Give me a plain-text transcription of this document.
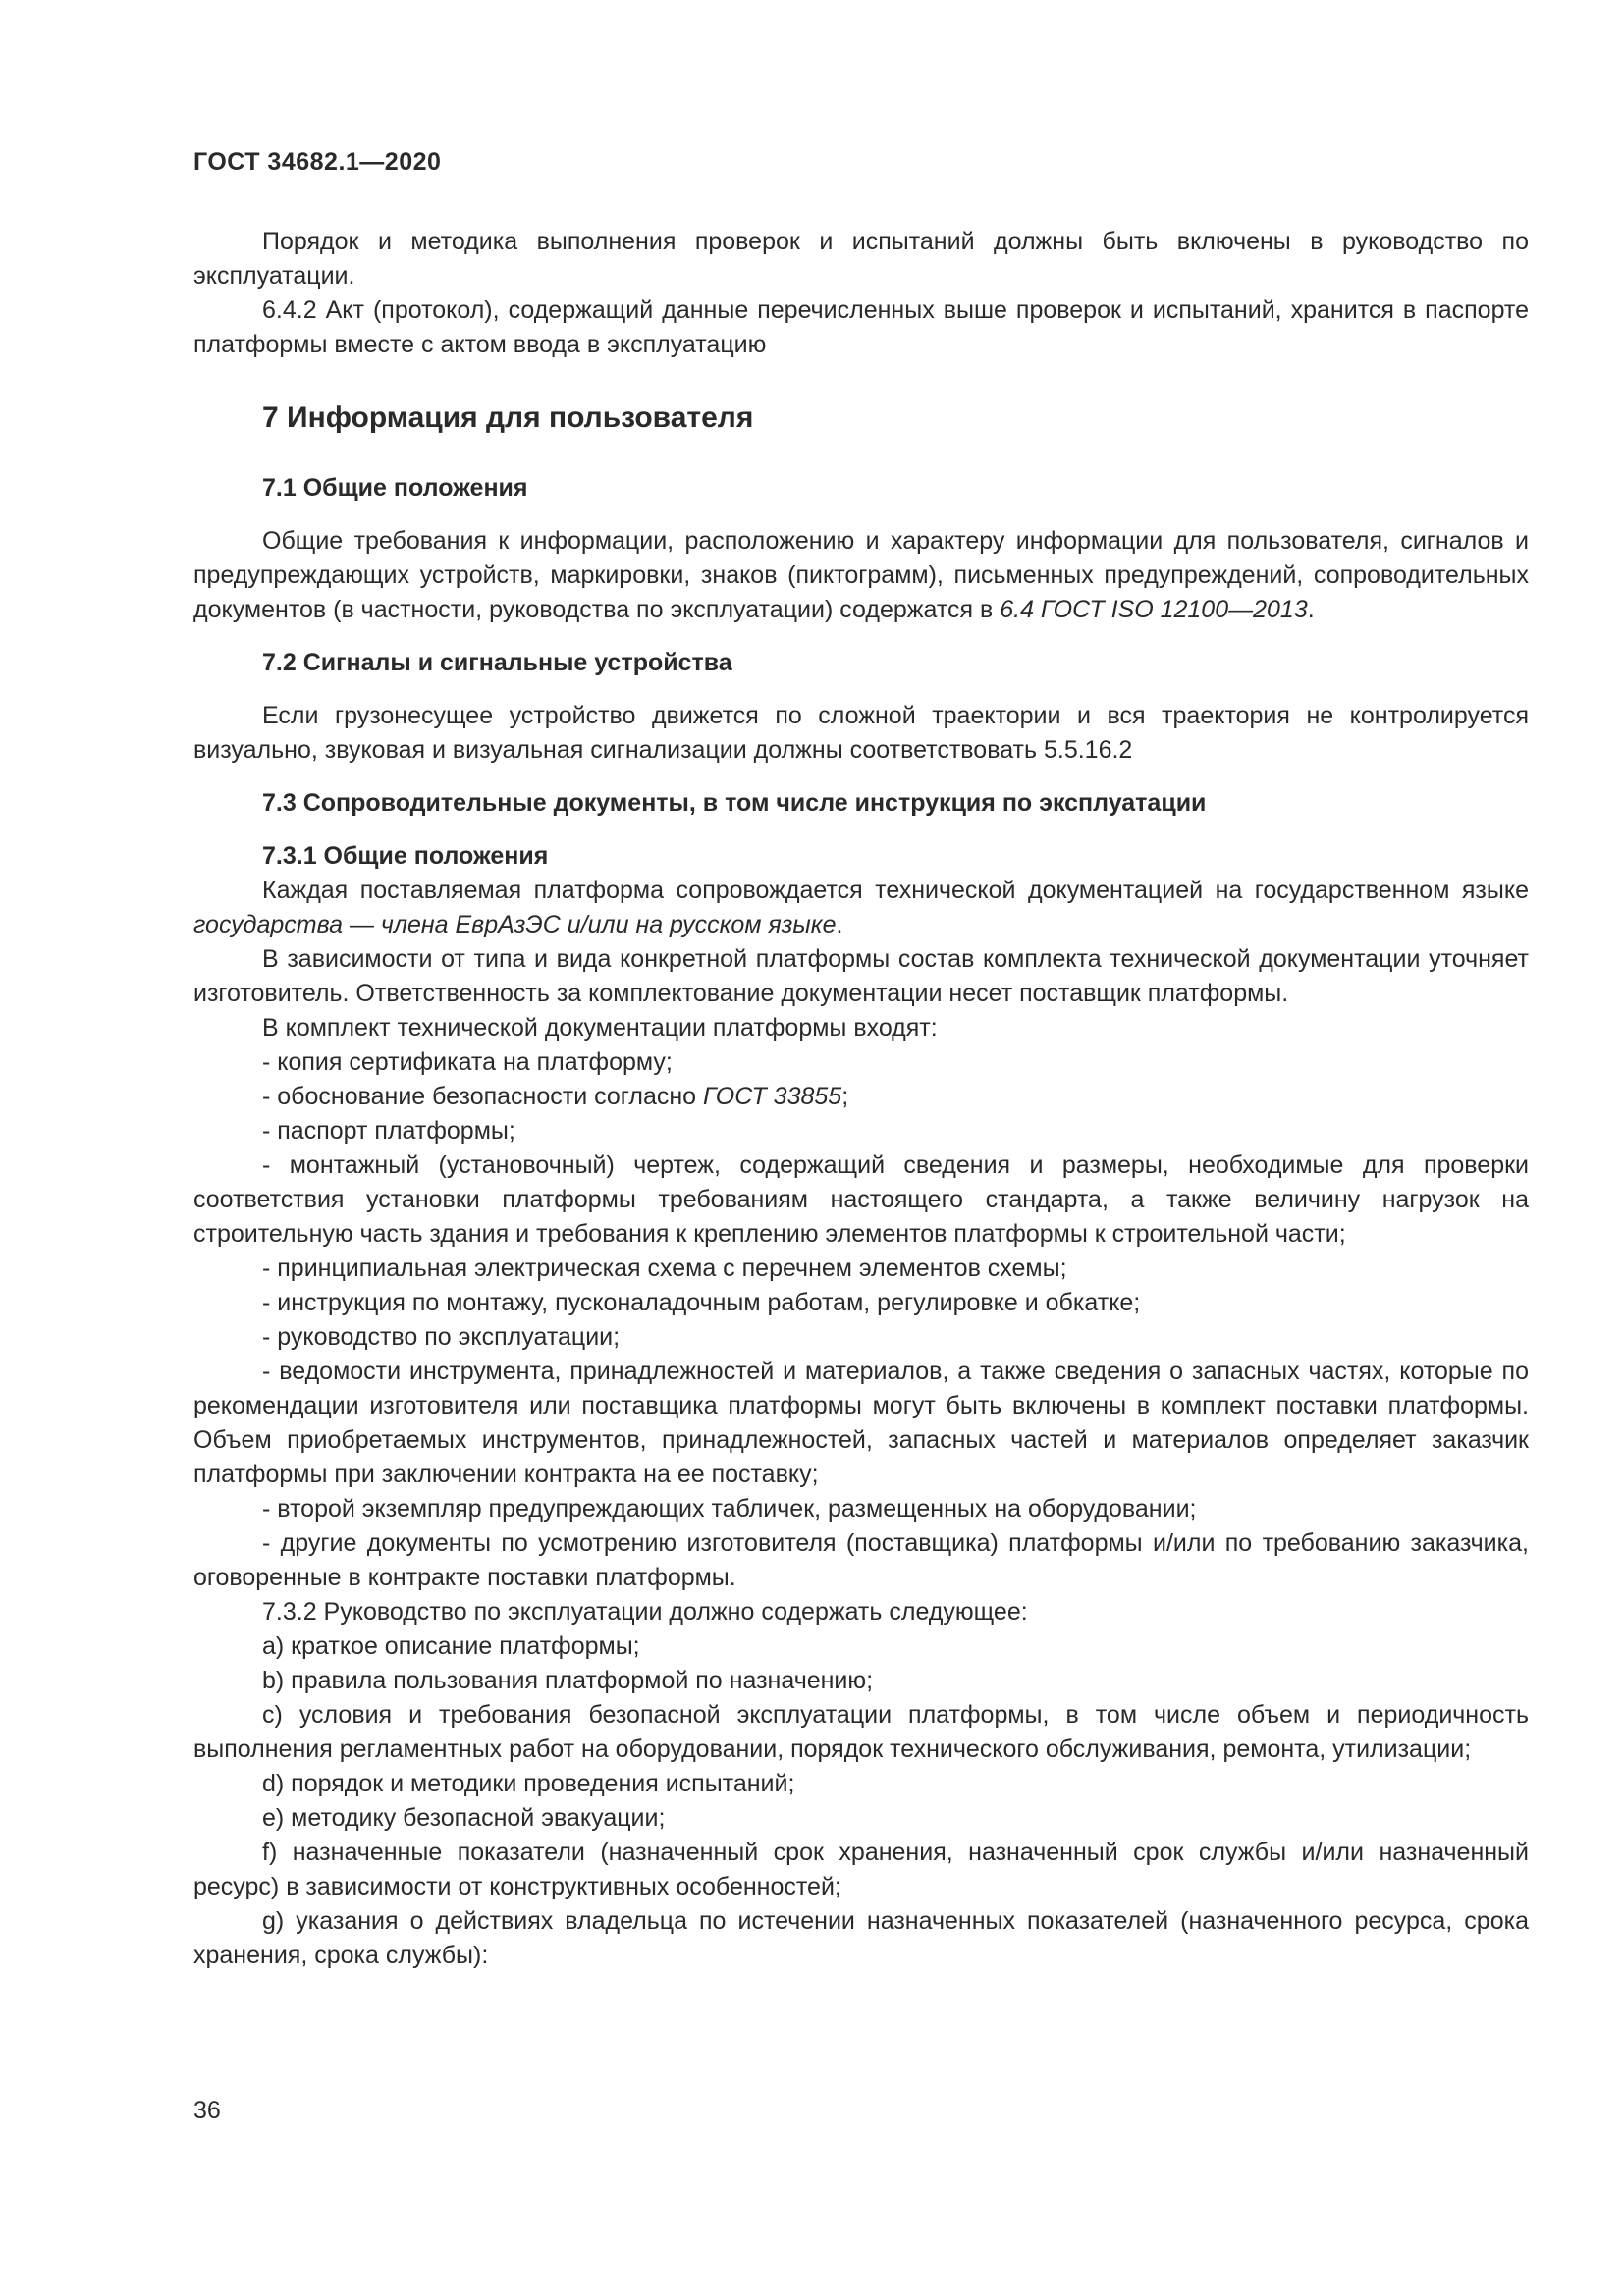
ГОСТ 34682.1—2020

Порядок и методика выполнения проверок и испытаний должны быть включены в руководство по эксплуатации.

6.4.2 Акт (протокол), содержащий данные перечисленных выше проверок и испытаний, хранится в паспорте платформы вместе с актом ввода в эксплуатацию

7 Информация для пользователя
7.1 Общие положения

Общие требования к информации, расположению и характеру информации для пользователя, сигналов и предупреждающих устройств, маркировки, знаков (пиктограмм), письменных предупреждений, сопроводительных документов (в частности, руководства по эксплуатации) содержатся в 6.4 ГОСТ ISO 12100—2013.

7.2 Сигналы и сигнальные устройства

Если грузонесущее устройство движется по сложной траектории и вся траектория не контролируется визуально, звуковая и визуальная сигнализации должны соответствовать 5.5.16.2

7.3 Сопроводительные документы, в том числе инструкция по эксплуатации
7.3.1 Общие положения

Каждая поставляемая платформа сопровождается технической документацией на государственном языке государства — члена ЕврАзЭС и/или на русском языке.

В зависимости от типа и вида конкретной платформы состав комплекта технической документации уточняет изготовитель. Ответственность за комплектование документации несет поставщик платформы.

В комплект технической документации платформы входят:

- копия сертификата на платформу;

- обоснование безопасности согласно ГОСТ 33855;

- паспорт платформы;

- монтажный (установочный) чертеж, содержащий сведения и размеры, необходимые для проверки соответствия установки платформы требованиям настоящего стандарта, а также величину нагрузок на строительную часть здания и требования к креплению элементов платформы к строительной части;

- принципиальная электрическая схема с перечнем элементов схемы;

- инструкция по монтажу, пусконаладочным работам, регулировке и обкатке;

- руководство по эксплуатации;

- ведомости инструмента, принадлежностей и материалов, а также сведения о запасных частях, которые по рекомендации изготовителя или поставщика платформы могут быть включены в комплект поставки платформы. Объем приобретаемых инструментов, принадлежностей, запасных частей и материалов определяет заказчик платформы при заключении контракта на ее поставку;

- второй экземпляр предупреждающих табличек, размещенных на оборудовании;

- другие документы по усмотрению изготовителя (поставщика) платформы и/или по требованию заказчика, оговоренные в контракте поставки платформы.

7.3.2 Руководство по эксплуатации должно содержать следующее:

a) краткое описание платформы;

b) правила пользования платформой по назначению;

c) условия и требования безопасной эксплуатации платформы, в том числе объем и периодичность выполнения регламентных работ на оборудовании, порядок технического обслуживания, ремонта, утилизации;

d) порядок и методики проведения испытаний;

e) методику безопасной эвакуации;

f) назначенные показатели (назначенный срок хранения, назначенный срок службы и/или назначенный ресурс) в зависимости от конструктивных особенностей;

g) указания о действиях владельца по истечении назначенных показателей (назначенного ресурса, срока хранения, срока службы):

36
